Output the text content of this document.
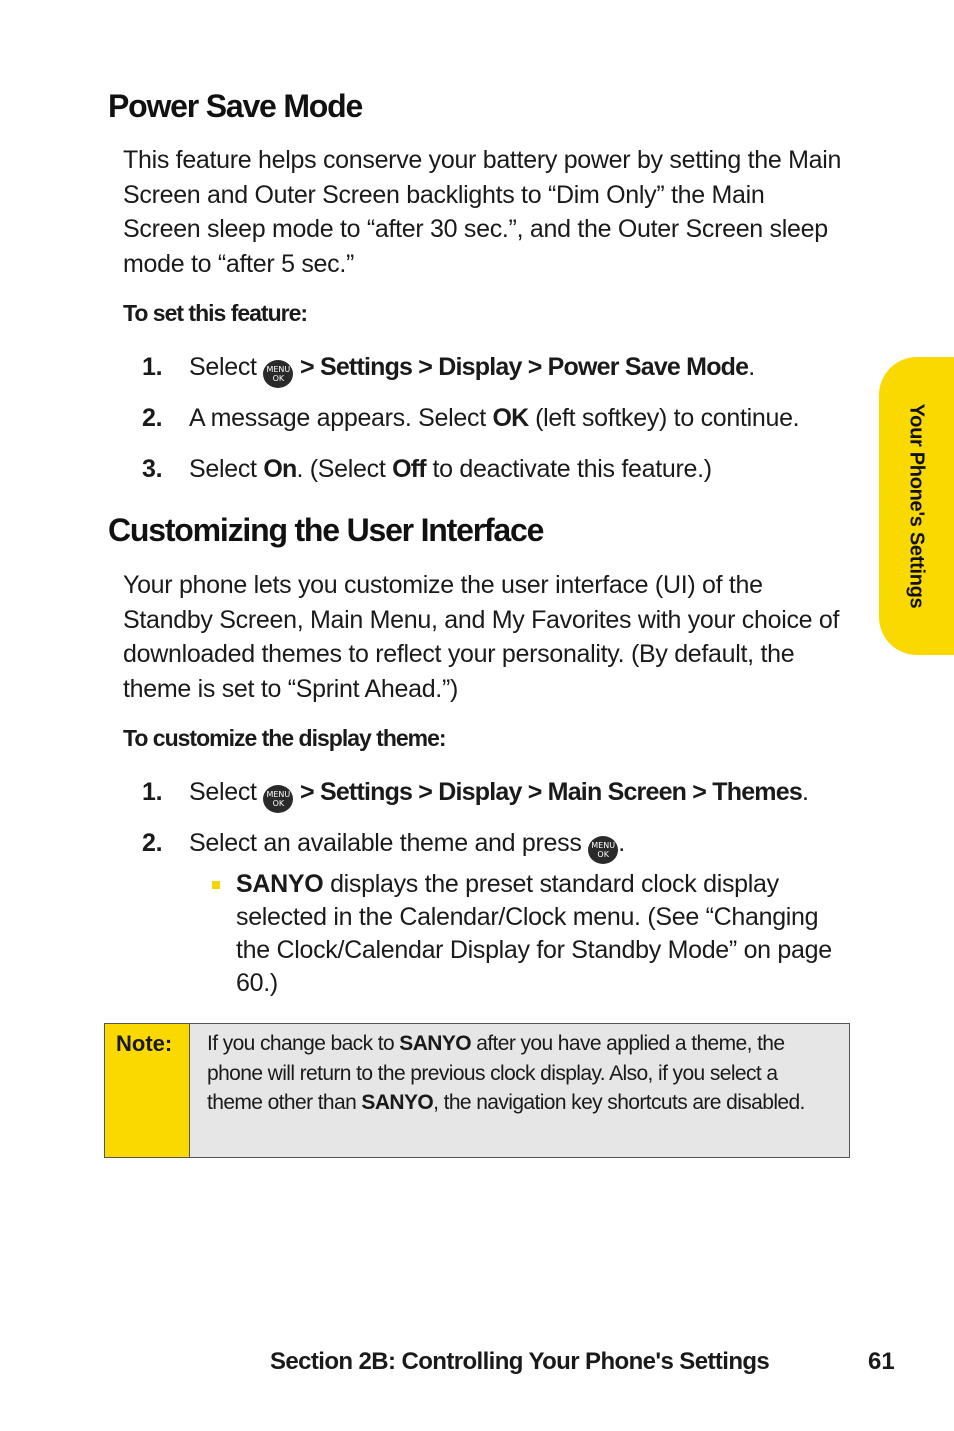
Your Phone's Settings
Power Save Mode

This feature helps conserve your battery power by setting the Main Screen and Outer Screen backlights to “Dim Only” the Main Screen sleep mode to “after 30 sec.”, and the Outer Screen sleep mode to “after 5 sec.”

To set this feature:

1. Select MENU
OK > Settings > Display > Power Save Mode.
2. A message appears. Select OK (left softkey) to continue.
3. Select On. (Select Off to deactivate this feature.)
Customizing the User Interface

Your phone lets you customize the user interface (UI) of the Standby Screen, Main Menu, and My Favorites with your choice of downloaded themes to reflect your personality. (By default, the theme is set to “Sprint Ahead.”)

To customize the display theme:

1. Select MENU
OK > Settings > Display > Main Screen > Themes.
2. Select an available theme and press MENU
OK .

SANYO displays the preset standard clock display selected in the Calendar/Clock menu. (See “Changing the Clock/Calendar Display for Standby Mode” on page 60.)

Note:	If you change back to SANYO after you have applied a theme, the phone will return to the previous clock display. Also, if you select a theme other than SANYO, the navigation key shortcuts are disabled.
Section 2B: Controlling Your Phone's Settings	61
